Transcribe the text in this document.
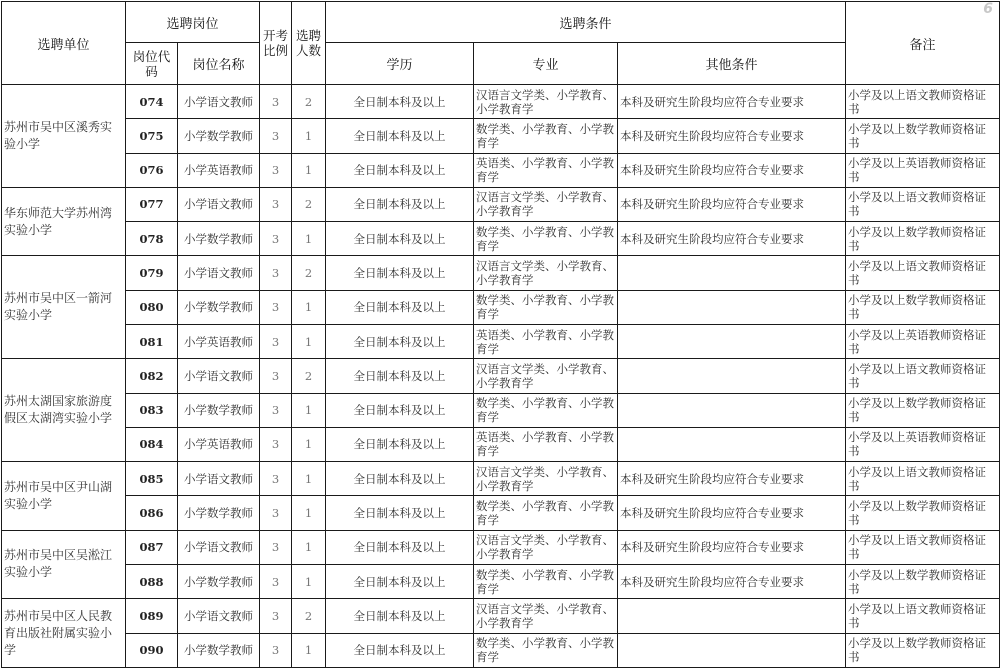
选聘单位	选聘岗位		开考比例	选聘人数	选聘条件			6
备注
	岗位代码	岗位名称			学历	专业	其他条件	
苏州市吴中区溪秀实验小学	074	小学语文教师	3	2	全日制本科及以上	汉语言文学类、小学教育、小学教育学	本科及研究生阶段均应符合专业要求	小学及以上语文教师资格证书
	075	小学数学教师	3	1	全日制本科及以上	数学类、小学教育、小学教育学	本科及研究生阶段均应符合专业要求	小学及以上数学教师资格证书
	076	小学英语教师	3	1	全日制本科及以上	英语类、小学教育、小学教育学	本科及研究生阶段均应符合专业要求	小学及以上英语教师资格证书
华东师范大学苏州湾实验小学	077	小学语文教师	3	2	全日制本科及以上	汉语言文学类、小学教育、小学教育学	本科及研究生阶段均应符合专业要求	小学及以上语文教师资格证书
	078	小学数学教师	3	1	全日制本科及以上	数学类、小学教育、小学教育学	本科及研究生阶段均应符合专业要求	小学及以上数学教师资格证书
苏州市吴中区一箭河实验小学	079	小学语文教师	3	2	全日制本科及以上	汉语言文学类、小学教育、小学教育学		小学及以上语文教师资格证书
	080	小学数学教师	3	1	全日制本科及以上	数学类、小学教育、小学教育学		小学及以上数学教师资格证书
	081	小学英语教师	3	1	全日制本科及以上	英语类、小学教育、小学教育学		小学及以上英语教师资格证书
苏州太湖国家旅游度假区太湖湾实验小学	082	小学语文教师	3	2	全日制本科及以上	汉语言文学类、小学教育、小学教育学		小学及以上语文教师资格证书
	083	小学数学教师	3	1	全日制本科及以上	数学类、小学教育、小学教育学		小学及以上数学教师资格证书
	084	小学英语教师	3	1	全日制本科及以上	英语类、小学教育、小学教育学		小学及以上英语教师资格证书
苏州市吴中区尹山湖实验小学	085	小学语文教师	3	1	全日制本科及以上	汉语言文学类、小学教育、小学教育学	本科及研究生阶段均应符合专业要求	小学及以上语文教师资格证书
	086	小学数学教师	3	1	全日制本科及以上	数学类、小学教育、小学教育学	本科及研究生阶段均应符合专业要求	小学及以上数学教师资格证书
苏州市吴中区吴淞江实验小学	087	小学语文教师	3	1	全日制本科及以上	汉语言文学类、小学教育、小学教育学	本科及研究生阶段均应符合专业要求	小学及以上语文教师资格证书
	088	小学数学教师	3	1	全日制本科及以上	数学类、小学教育、小学教育学	本科及研究生阶段均应符合专业要求	小学及以上数学教师资格证书
苏州市吴中区人民教育出版社附属实验小学	089	小学语文教师	3	2	全日制本科及以上	汉语言文学类、小学教育、小学教育学		小学及以上语文教师资格证书
	090	小学数学教师	3	1	全日制本科及以上	数学类、小学教育、小学教育学		小学及以上数学教师资格证书
